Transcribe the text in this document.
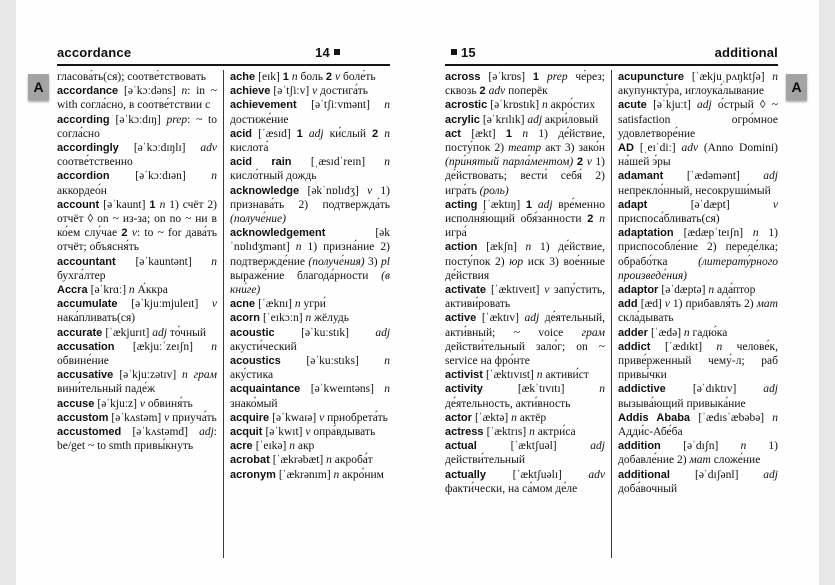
A	A
accordance	14	15	additional

гласова́ть(ся); соотве́тствовать

accordance [əˈkɔːdəns] n: in ~ with согла́сно, в соотве́тствии с

according [əˈkɔːdɪŋ] prep: ~ to согла́сно

accordingly [əˈkɔːdɪŋlɪ] adv соотве́тственно

accordion [əˈkɔːdɪən] n аккордео́н

account [əˈkaunt] 1 n 1) счёт 2) отчёт ◊ on ~ из-за; on no ~ ни в ко́ем слу́чае 2 v: to ~ for дава́ть отчёт; объясня́ть

accountant [əˈkauntənt] n бухга́лтер

Accra [əˈkrɑː] n А́ккра

accumulate [əˈkjuːmjuleɪt] v нака́пливать(ся)

accurate [ˈækjurɪt] adj то́чный

accusation [ækjuːˈzeɪʃn] n обвине́ние

accusative [əˈkjuːzətɪv] n грам вини́тельный паде́ж

accuse [əˈkjuːz] v обвиня́ть

accustom [əˈkʌstəm] v приуча́ть

accustomed [əˈkʌstəmd] adj: be/get ~ to smth привы́кнуть

ache [eɪk] 1 n боль 2 v боле́ть

achieve [əˈtʃiːv] v достига́ть

achievement [əˈtʃiːvmənt] n достиже́ние

acid [ˈæsɪd] 1 adj ки́слый 2 n кислота́

acid rain [ˌæsɪdˈreɪn] n кисло́тный дождь

acknowledge [əkˈnɒlɪdʒ] v 1) признава́ть 2) подтвержда́ть (получе́ние)

acknowledgement [əkˈnɒlɪdʒmənt] n 1) призна́ние 2) подтвержде́ние (получе́ния) 3) pl выраже́ние благода́рности (в кни́ге)

acne [ˈæknɪ] n угри́

acorn [ˈeɪkɔːn] n жёлудь

acoustic [əˈkuːstɪk] adj акусти́ческий

acoustics [əˈkuːstɪks] n аку́стика

acquaintance [əˈkweɪntəns] n знако́мый

acquire [əˈkwaɪə] v приобрета́ть

acquit [əˈkwɪt] v опра́вдывать

acre [ˈeɪkə] n акр

acrobat [ˈækrəbæt] n акроба́т

acronym [ˈækrənɪm] n акро́ним

across [əˈkrɒs] 1 prep че́рез; сквозь 2 adv поперёк

acrostic [əˈkrɒstɪk] n акро́стих

acrylic [əˈkrɪlɪk] adj акри́ловый

act [ækt] 1 n 1) де́йствие, посту́пок 2) театр акт 3) зако́н (при́нятый парла́ментом) 2 v 1) де́йствовать; вести́ себя́ 2) игра́ть (роль)

acting [ˈæktɪŋ] 1 adj вре́менно исполня́ющий обя́занности 2 n игра́

action [ækʃn] n 1) де́йствие, посту́пок 2) юр иск 3) вое́нные де́йствия

activate [ˈæktɪveɪt] v запу́стить, активи́ровать

active [ˈæktɪv] adj де́ятельный, акти́вный; ~ voice грам действи́тельный зало́г; on ~ service на фро́нте

activist [ˈæktɪvɪst] n активи́ст

activity [ækˈtɪvɪtɪ] n де́ятельность, акти́вность

actor [ˈæktə] n актёр

actress [ˈæktrɪs] n актри́са

actual [ˈæktʃuəl] adj действи́тельный

actually [ˈæktʃuəlɪ] adv факти́чески, на са́мом де́ле

acupuncture [ˈækjuˌpʌŋktʃə] n акупункту́ра, иглоука́лывание

acute [əˈkjuːt] adj о́стрый ◊ ~ satisfaction огро́мное удовлетворе́ние

AD [ˌeɪˈdiː] adv (Anno Domini) на́шей э́ры

adamant [ˈædəmənt] adj непрекло́нный, несокруши́мый

adapt [əˈdæpt] v приспоса́бливать(ся)

adaptation [ædæpˈteɪʃn] n 1) приспособле́ние 2) переде́лка; обрабо́тка (литерату́рного произведе́ния)

adaptor [əˈdæptə] n ада́птор

add [æd] v 1) прибавля́ть 2) мат скла́дывать

adder [ˈædə] n гадю́ка

addict [ˈædɪkt] n челове́к, приве́рженный чему́-л; раб привы́чки

addictive [əˈdɪktɪv] adj вызыва́ющий привыка́ние

Addis Ababa [ˈædɪsˈæbəbə] n Адди́с-Абе́ба

addition [əˈdɪʃn] n 1) добавле́ние 2) мат сложе́ние

additional [əˈdɪʃənl] adj доба́вочный
